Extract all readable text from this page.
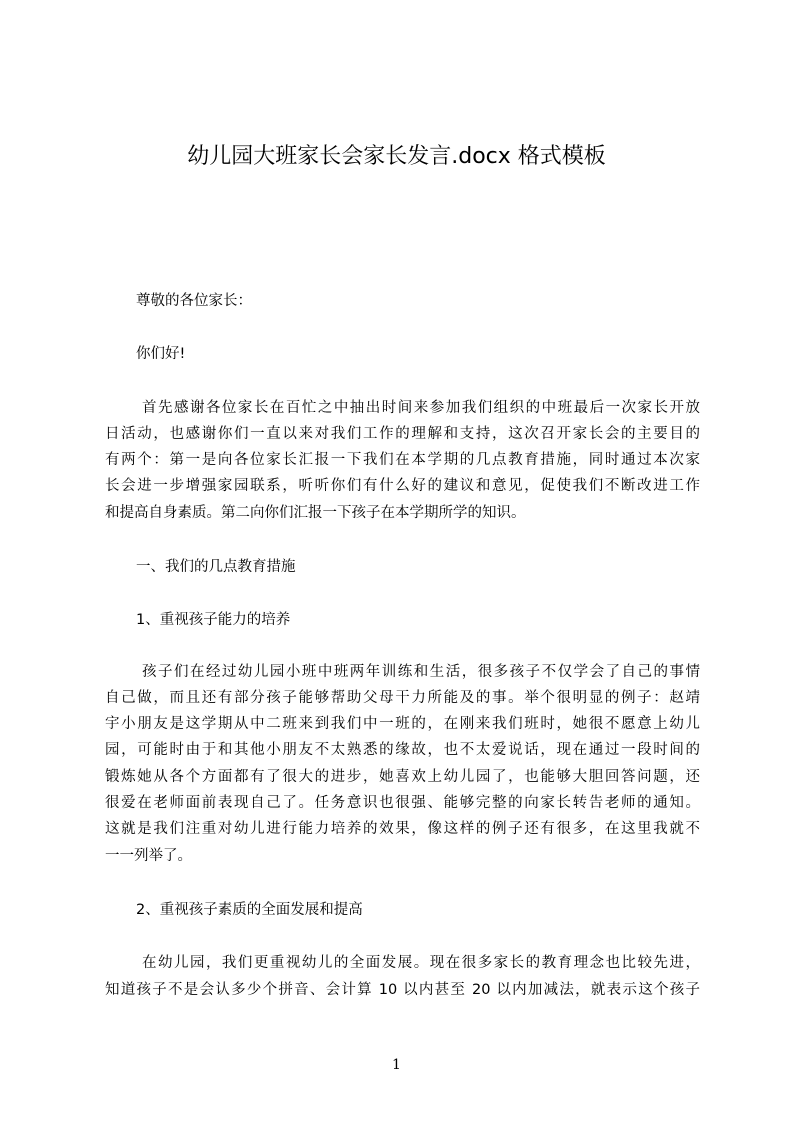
幼儿园大班家长会家长发言.docx 格式模板
尊敬的各位家长：
你们好!
首先感谢各位家长在百忙之中抽出时间来参加我们组织的中班最后一次家长开放
日活动，也感谢你们一直以来对我们工作的理解和支持，这次召开家长会的主要目的
有两个：第一是向各位家长汇报一下我们在本学期的几点教育措施，同时通过本次家
长会进一步增强家园联系，听听你们有什么好的建议和意见，促使我们不断改进工作
和提高自身素质。第二向你们汇报一下孩子在本学期所学的知识。
一、我们的几点教育措施
1、重视孩子能力的培养
孩子们在经过幼儿园小班中班两年训练和生活，很多孩子不仅学会了自己的事情
自己做，而且还有部分孩子能够帮助父母干力所能及的事。举个很明显的例子：赵靖
宇小朋友是这学期从中二班来到我们中一班的，在刚来我们班时，她很不愿意上幼儿
园，可能时由于和其他小朋友不太熟悉的缘故，也不太爱说话，现在通过一段时间的
锻炼她从各个方面都有了很大的进步，她喜欢上幼儿园了，也能够大胆回答问题，还
很爱在老师面前表现自己了。任务意识也很强、能够完整的向家长转告老师的通知。
这就是我们注重对幼儿进行能力培养的效果，像这样的例子还有很多，在这里我就不
一一列举了。
2、重视孩子素质的全面发展和提高
在幼儿园，我们更重视幼儿的全面发展。现在很多家长的教育理念也比较先进，
知道孩子不是会认多少个拼音、会计算 10 以内甚至 20 以内加减法，就表示这个孩子
1
